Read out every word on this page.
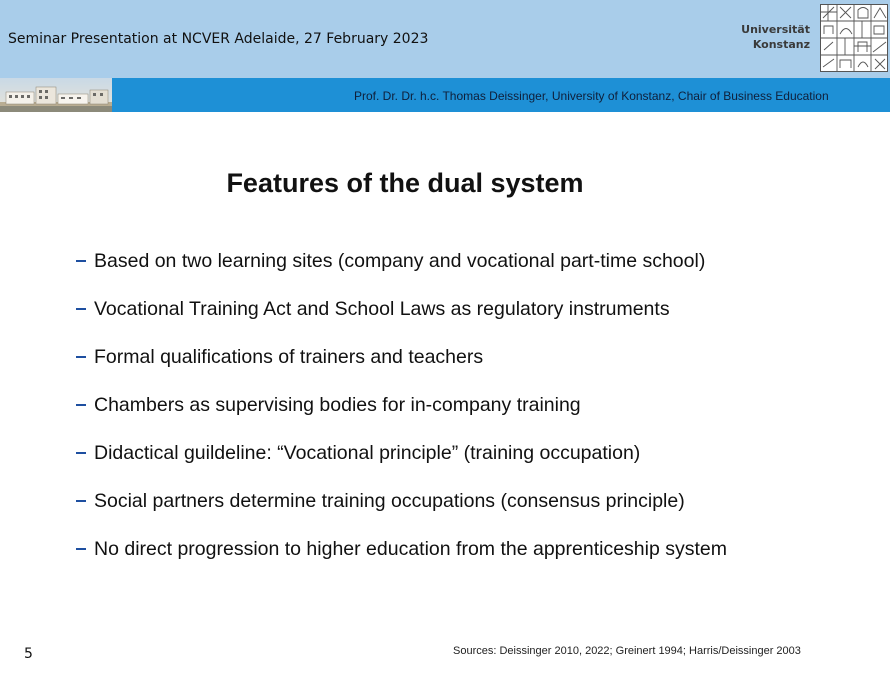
Seminar Presentation at NCVER Adelaide, 27 February 2023
Universität
Konstanz
Prof. Dr. Dr. h.c. Thomas Deissinger, University of Konstanz, Chair of Business Education
Features of the dual system
Based on two learning sites (company and vocational part-time school)
Vocational Training Act and School Laws as regulatory instruments
Formal qualifications of trainers and teachers
Chambers as supervising bodies for in-company training
Didactical guildeline: “Vocational principle” (training occupation)
Social partners determine training occupations (consensus principle)
No direct progression to higher education from the apprenticeship system
5	Sources: Deissinger 2010, 2022; Greinert 1994; Harris/Deissinger 2003
